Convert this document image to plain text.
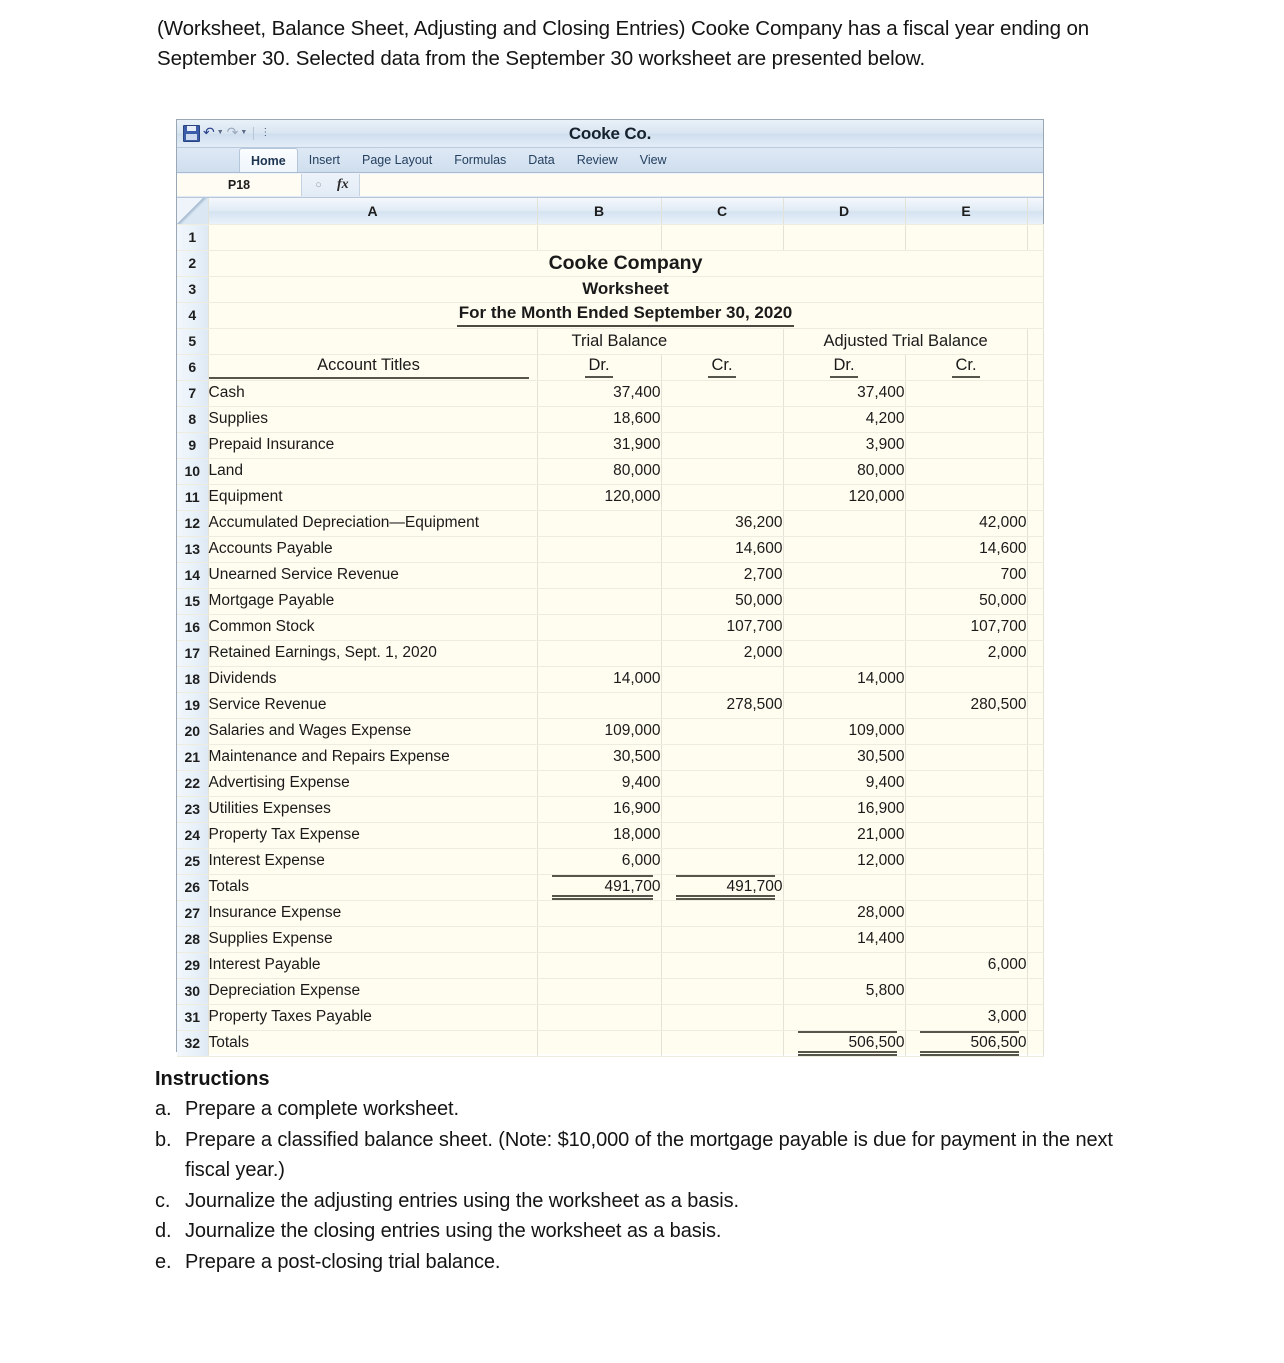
(Worksheet, Balance Sheet, Adjusting and Closing Entries) Cooke Company has a fiscal year ending on September 30. Selected data from the September 30 worksheet are presented below.
↶ ▼ ↷ ▼ ⋮	Cooke Co.
Home	Insert	Page Layout	Formulas	Data	Review	View
P18	○ fx
	A	B	C	D	E	
1						
2	Cooke Company					
3	Worksheet					
4	For the Month Ended September 30, 2020					
5		Trial Balance		Adjusted Trial Balance		
6	Account Titles	Dr.	Cr.	Dr.	Cr.	
7	Cash	37,400		37,400		
8	Supplies	18,600		4,200		
9	Prepaid Insurance	31,900		3,900		
10	Land	80,000		80,000		
11	Equipment	120,000		120,000		
12	Accumulated Depreciation—Equipment		36,200		42,000	
13	Accounts Payable		14,600		14,600	
14	Unearned Service Revenue		2,700		700	
15	Mortgage Payable		50,000		50,000	
16	Common Stock		107,700		107,700	
17	Retained Earnings, Sept. 1, 2020		2,000		2,000	
18	Dividends	14,000		14,000		
19	Service Revenue		278,500		280,500	
20	Salaries and Wages Expense	109,000		109,000		
21	Maintenance and Repairs Expense	30,500		30,500		
22	Advertising Expense	9,400		9,400		
23	Utilities Expenses	16,900		16,900		
24	Property Tax Expense	18,000		21,000		
25	Interest Expense	6,000		12,000		
26	Totals	491,700	491,700

27	Insurance Expense			28,000		
28	Supplies Expense			14,400		
29	Interest Payable				6,000	
30	Depreciation Expense			5,800		
31	Property Taxes Payable				3,000	
32	Totals			506,500	506,500

Instructions
a. Prepare a complete worksheet.
b. Prepare a classified balance sheet. (Note: $10,000 of the mortgage payable is due for payment in the next fiscal year.)
c. Journalize the adjusting entries using the worksheet as a basis.
d. Journalize the closing entries using the worksheet as a basis.
e. Prepare a post-closing trial balance.
